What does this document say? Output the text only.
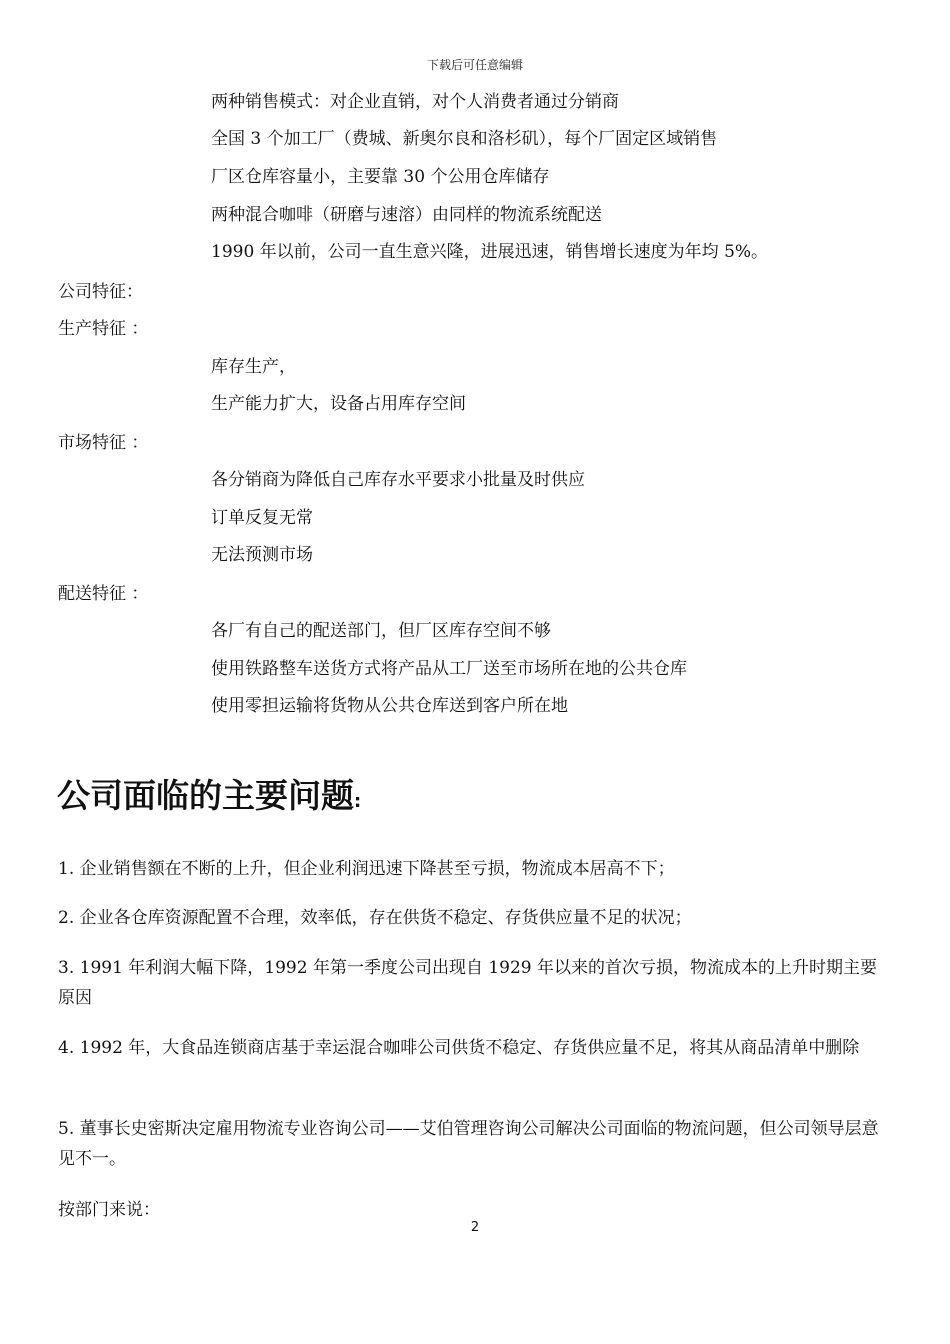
下载后可任意编辑
两种销售模式：对企业直销，对个人消费者通过分销商
全国 3 个加工厂（费城、新奥尔良和洛杉矶），每个厂固定区域销售
厂区仓库容量小，主要靠 30 个公用仓库储存
两种混合咖啡（研磨与速溶）由同样的物流系统配送
1990 年以前，公司一直生意兴隆，进展迅速，销售增长速度为年均 5%。
公司特征：
生产特征 ：
库存生产，
生产能力扩大，设备占用库存空间
市场特征 ：
各分销商为降低自己库存水平要求小批量及时供应
订单反复无常
无法预测市场
配送特征 ：
各厂有自己的配送部门，但厂区库存空间不够
使用铁路整车送货方式将产品从工厂送至市场所在地的公共仓库
使用零担运输将货物从公共仓库送到客户所在地
公司面临的主要问题:
1. 企业销售额在不断的上升，但企业利润迅速下降甚至亏损，物流成本居高不下；
2. 企业各仓库资源配置不合理，效率低，存在供货不稳定、存货供应量不足的状况；
3. 1991 年利润大幅下降，1992 年第一季度公司出现自 1929 年以来的首次亏损，物流成本的上升时期主要原因
4. 1992 年，大食品连锁商店基于幸运混合咖啡公司供货不稳定、存货供应量不足，将其从商品清单中删除
5. 董事长史密斯决定雇用物流专业咨询公司——艾伯管理咨询公司解决公司面临的物流问题，但公司领导层意见不一。
按部门来说：
2
